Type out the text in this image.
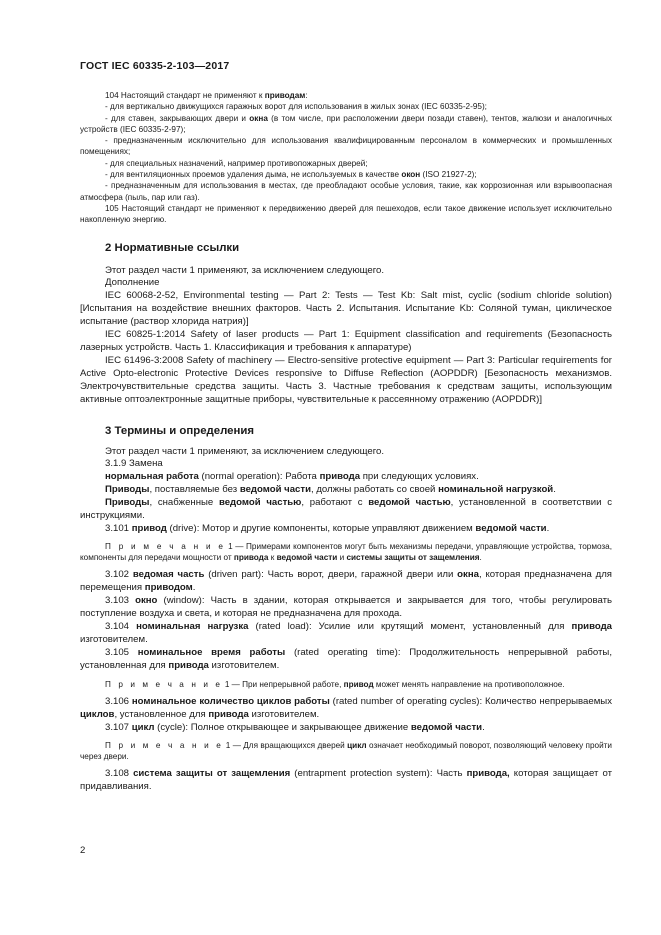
ГОСТ IEC 60335-2-103—2017

104 Настоящий стандарт не применяют к приводам:

- для вертикально движущихся гаражных ворот для использования в жилых зонах (IEC 60335-2-95);

- для ставен, закрывающих двери и окна (в том числе, при расположении двери позади ставен), тентов, жалюзи и аналогичных устройств (IEC 60335-2-97);

- предназначенным исключительно для использования квалифицированным персоналом в коммерческих и промышленных помещениях;

- для специальных назначений, например противопожарных дверей;

- для вентиляционных проемов удаления дыма, не используемых в качестве окон (ISO 21927-2);

- предназначенным для использования в местах, где преобладают особые условия, такие, как коррозионная или взрывоопасная атмосфера (пыль, пар или газ).

105 Настоящий стандарт не применяют к передвижению дверей для пешеходов, если такое движение использует исключительно накопленную энергию.

2 Нормативные ссылки

Этот раздел части 1 применяют, за исключением следующего.

Дополнение

IEC 60068-2-52, Environmental testing — Part 2: Tests — Test Kb: Salt mist, cyclic (sodium chloride solution) [Испытания на воздействие внешних факторов. Часть 2. Испытания. Испытание Kb: Соляной туман, циклическое испытание (раствор хлорида натрия)]

IEC 60825-1:2014 Safety of laser products — Part 1: Equipment classification and requirements (Безопасность лазерных устройств. Часть 1. Классификация и требования к аппаратуре)

IEC 61496-3:2008 Safety of machinery — Electro-sensitive protective equipment — Part 3: Particular requirements for Active Opto-electronic Protective Devices responsive to Diffuse Reflection (AOPDDR) [Безопасность механизмов. Электрочувствительные средства защиты. Часть 3. Частные требования к средствам защиты, использующим активные оптоэлектронные защитные приборы, чувствительные к рассеянному отражению (AOPDDR)]

3 Термины и определения

Этот раздел части 1 применяют, за исключением следующего.

3.1.9 Замена

нормальная работа (normal operation): Работа привода при следующих условиях.

Приводы, поставляемые без ведомой части, должны работать со своей номинальной нагрузкой.

Приводы, снабженные ведомой частью, работают с ведомой частью, установленной в соответствии с инструкциями.

3.101 привод (drive): Мотор и другие компоненты, которые управляют движением ведомой части.

П р и м е ч а н и е 1 — Примерами компонентов могут быть механизмы передачи, управляющие устройства, тормоза, компоненты для передачи мощности от привода к ведомой части и системы защиты от защемления.

3.102 ведомая часть (driven part): Часть ворот, двери, гаражной двери или окна, которая предназначена для перемещения приводом.

3.103 окно (window): Часть в здании, которая открывается и закрывается для того, чтобы регулировать поступление воздуха и света, и которая не предназначена для прохода.

3.104 номинальная нагрузка (rated load): Усилие или крутящий момент, установленный для привода изготовителем.

3.105 номинальное время работы (rated operating time): Продолжительность непрерывной работы, установленная для привода изготовителем.

П р и м е ч а н и е 1 — При непрерывной работе, привод может менять направление на противоположное.

3.106 номинальное количество циклов работы (rated number of operating cycles): Количество непрерываемых циклов, установленное для привода изготовителем.

3.107 цикл (cycle): Полное открывающее и закрывающее движение ведомой части.

П р и м е ч а н и е 1 — Для вращающихся дверей цикл означает необходимый поворот, позволяющий человеку пройти через двери.

3.108 система защиты от защемления (entrapment protection system): Часть привода, которая защищает от придавливания.

2
